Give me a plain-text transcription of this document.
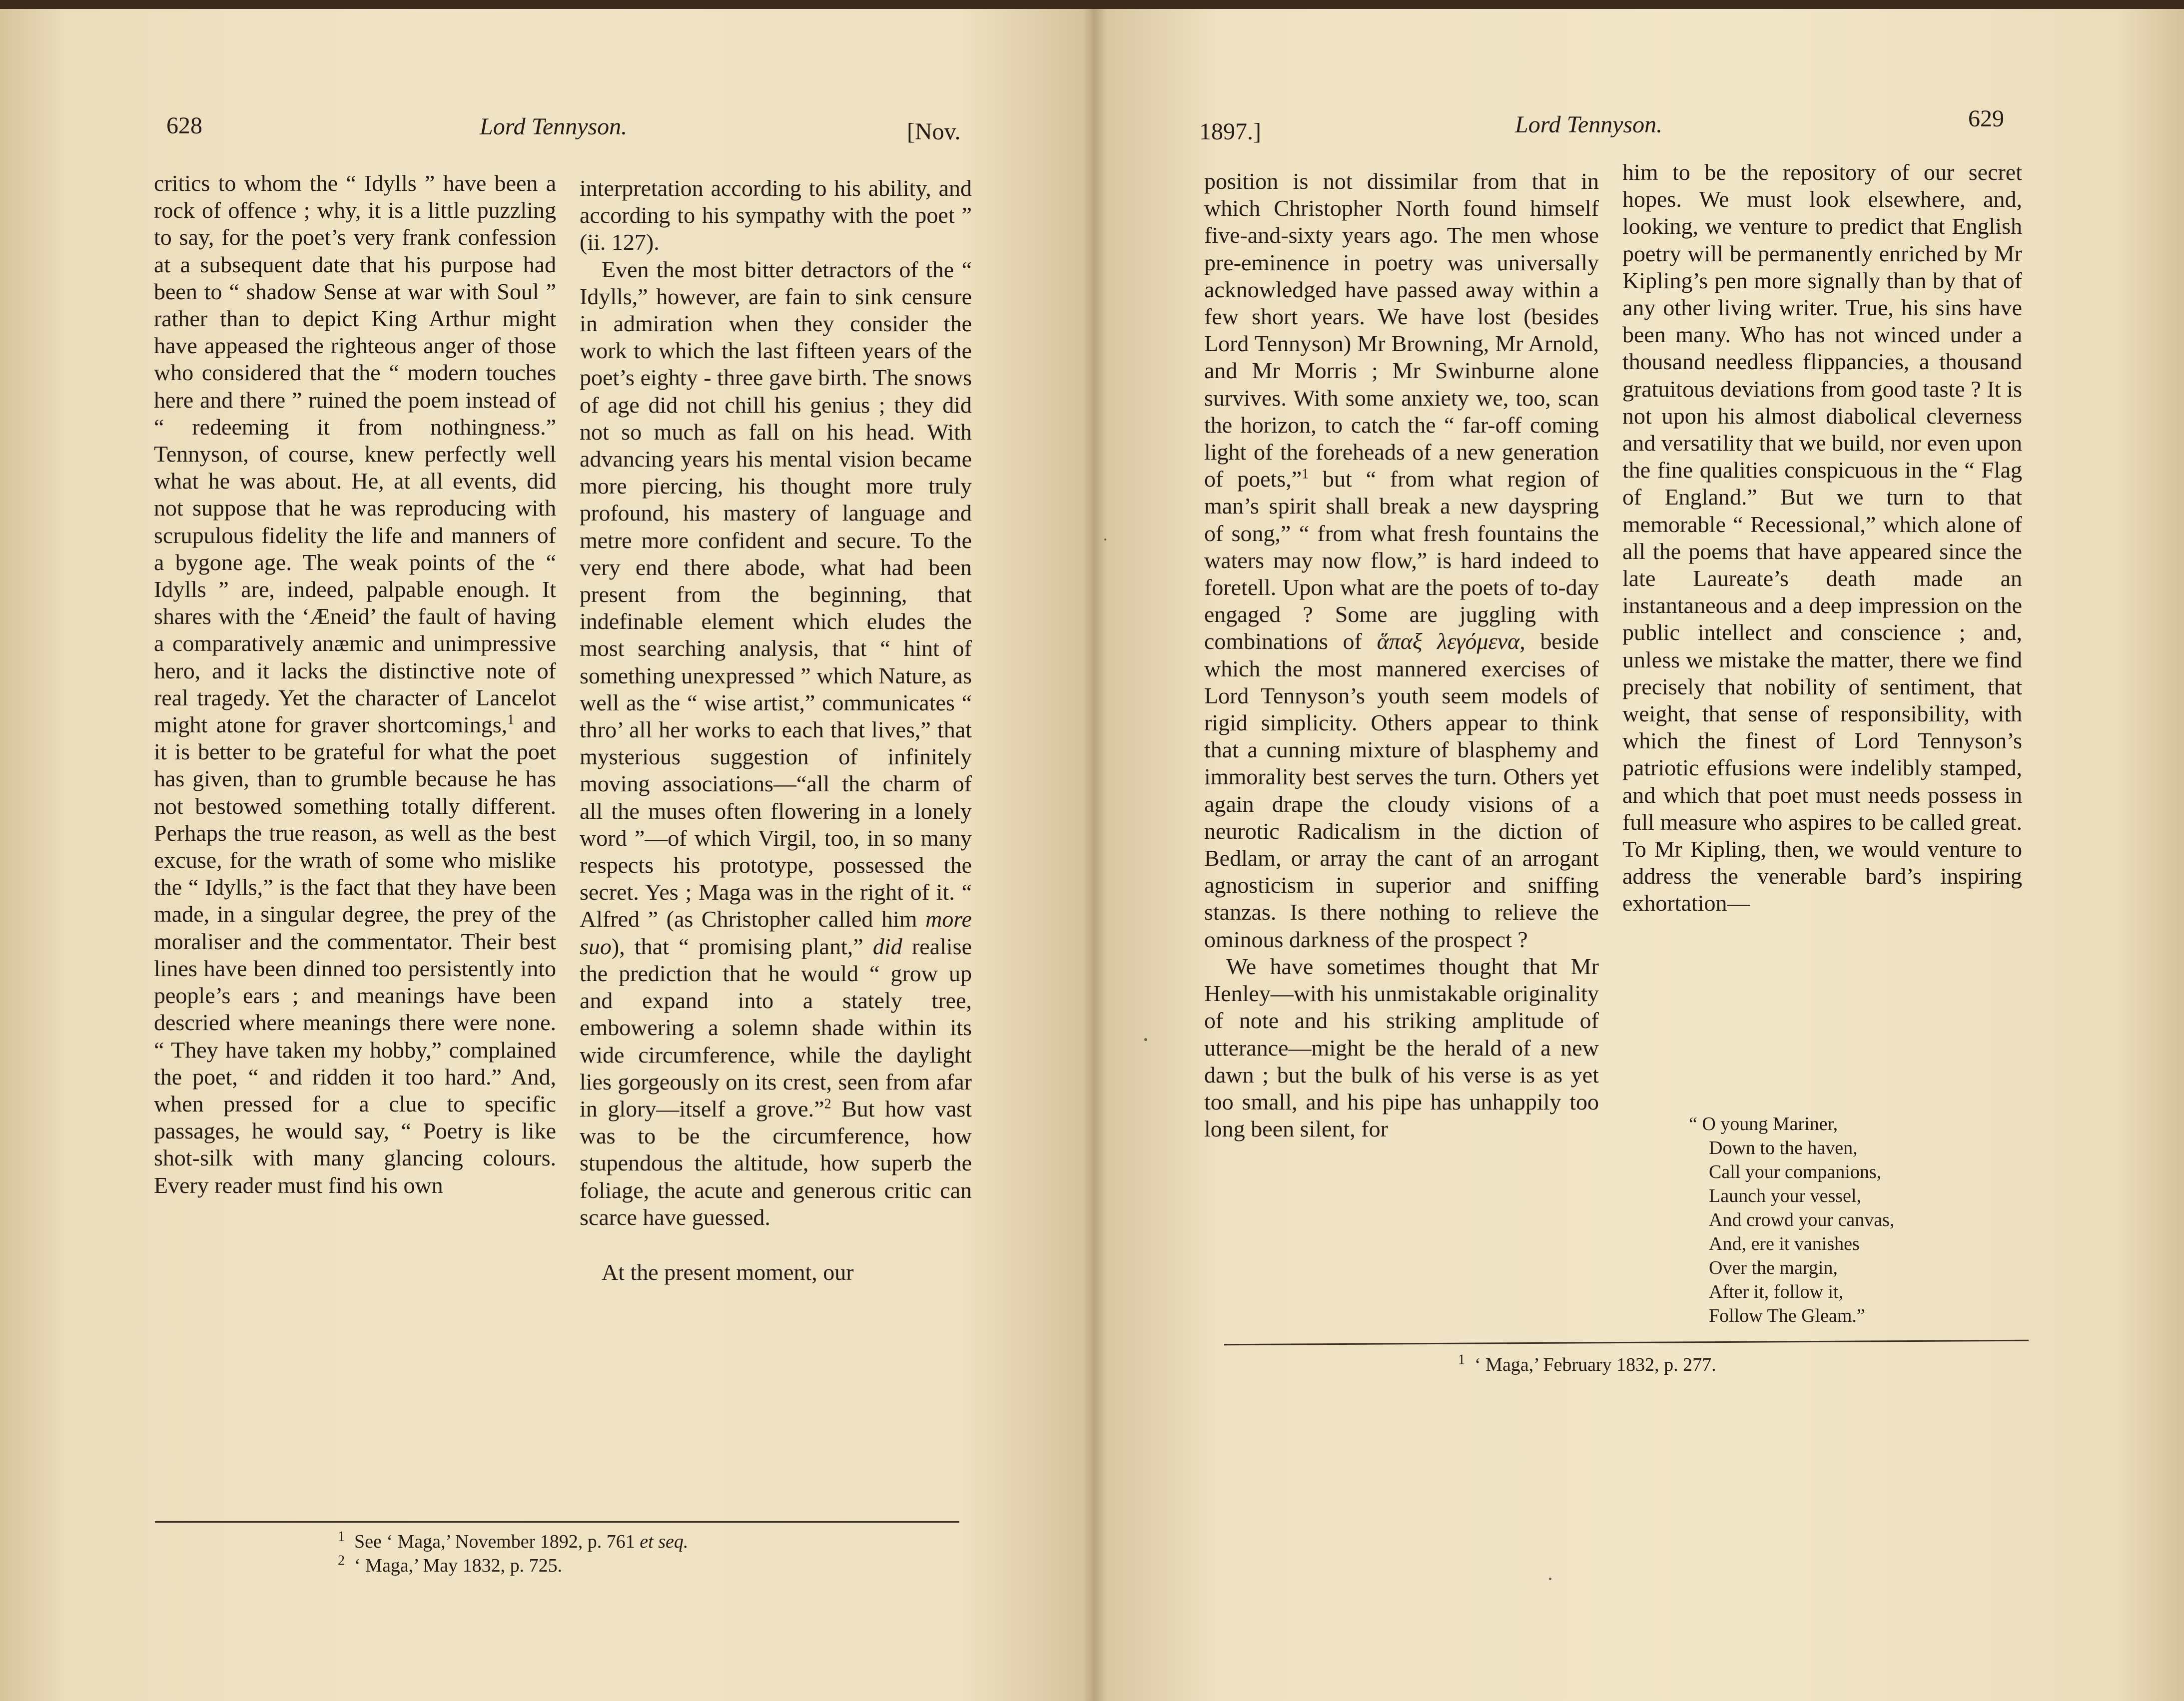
628	Lord Tennyson.	[Nov.

critics to whom the “ Idylls ” have been a rock of offence ; why, it is a little puzzling to say, for the poet’s very frank confession at a subsequent date that his purpose had been to “ shadow Sense at war with Soul ” rather than to depict King Arthur might have appeased the righteous anger of those who considered that the “ modern touches here and there ” ruined the poem instead of “ redeeming it from nothingness.” Tennyson, of course, knew perfectly well what he was about. He, at all events, did not suppose that he was reproducing with scrupulous fidelity the life and manners of a bygone age. The weak points of the “ Idylls ” are, indeed, palpable enough. It shares with the ‘Æneid’ the fault of having a comparatively anæmic and unimpressive hero, and it lacks the distinctive note of real tragedy. Yet the character of Lancelot might atone for graver shortcomings,$^1$ and it is better to be grateful for what the poet has given, than to grumble because he has not bestowed something totally different. Perhaps the true reason, as well as the best excuse, for the wrath of some who mislike the “ Idylls,” is the fact that they have been made, in a singular degree, the prey of the moraliser and the commentator. Their best lines have been dinned too persistently into people’s ears ; and meanings have been descried where meanings there were none. “ They have taken my hobby,” complained the poet, “ and ridden it too hard.” And, when pressed for a clue to specific passages, he would say, “ Poetry is like shot-silk with many glancing colours. Every reader must find his own

interpretation according to his ability, and according to his sympathy with the poet ” (ii. 127).

Even the most bitter detractors of the “ Idylls,” however, are fain to sink censure in admiration when they consider the work to which the last fifteen years of the poet’s eighty - three gave birth. The snows of age did not chill his genius ; they did not so much as fall on his head. With advancing years his mental vision became more piercing, his thought more truly profound, his mastery of language and metre more confident and secure. To the very end there abode, what had been present from the beginning, that indefinable element which eludes the most searching analysis, that “ hint of something unexpressed ” which Nature, as well as the “ wise artist,” communicates “ thro’ all her works to each that lives,” that mysterious suggestion of infinitely moving associations—“all the charm of all the muses often flowering in a lonely word ”—of which Virgil, too, in so many respects his prototype, possessed the secret. Yes ; Maga was in the right of it. “ Alfred ” (as Christopher called him more suo), that “ promising plant,” did realise the prediction that he would “ grow up and expand into a stately tree, embowering a solemn shade within its wide circumference, while the daylight lies gorgeously on its crest, seen from afar in glory—itself a grove.”$^2$ But how vast was to be the circumference, how stupendous the altitude, how superb the foliage, the acute and generous critic can scarce have guessed.

At the present moment, our

$^1$ See ‘ Maga,’ November 1892, p. 761 et seq.
$^2$ ‘ Maga,’ May 1832, p. 725.
1897.]	Lord Tennyson.	629

position is not dissimilar from that in which Christopher North found himself five-and-sixty years ago. The men whose pre-eminence in poetry was universally acknowledged have passed away within a few short years. We have lost (besides Lord Tennyson) Mr Browning, Mr Arnold, and Mr Morris ; Mr Swinburne alone survives. With some anxiety we, too, scan the horizon, to catch the “ far-off coming light of the foreheads of a new generation of poets,”$^1$ but “ from what region of man’s spirit shall break a new dayspring of song,” “ from what fresh fountains the waters may now flow,” is hard indeed to foretell. Upon what are the poets of to-day engaged ? Some are juggling with combinations of ἅπαξ λεγόμενα, beside which the most mannered exercises of Lord Tennyson’s youth seem models of rigid simplicity. Others appear to think that a cunning mixture of blasphemy and immorality best serves the turn. Others yet again drape the cloudy visions of a neurotic Radicalism in the diction of Bedlam, or array the cant of an arrogant agnosticism in superior and sniffing stanzas. Is there nothing to relieve the ominous darkness of the prospect ?

We have sometimes thought that Mr Henley—with his unmistakable originality of note and his striking amplitude of utterance—might be the herald of a new dawn ; but the bulk of his verse is as yet too small, and his pipe has unhappily too long been silent, for

him to be the repository of our secret hopes. We must look elsewhere, and, looking, we venture to predict that English poetry will be permanently enriched by Mr Kipling’s pen more signally than by that of any other living writer. True, his sins have been many. Who has not winced under a thousand needless flippancies, a thousand gratuitous deviations from good taste ? It is not upon his almost diabolical cleverness and versatility that we build, nor even upon the fine qualities conspicuous in the “ Flag of England.” But we turn to that memorable “ Recessional,” which alone of all the poems that have appeared since the late Laureate’s death made an instantaneous and a deep impression on the public intellect and conscience ; and, unless we mistake the matter, there we find precisely that nobility of sentiment, that weight, that sense of responsibility, with which the finest of Lord Tennyson’s patriotic effusions were indelibly stamped, and which that poet must needs possess in full measure who aspires to be called great. To Mr Kipling, then, we would venture to address the venerable bard’s inspiring exhortation—

“ O young Mariner,
Down to the haven,
Call your companions,
Launch your vessel,
And crowd your canvas,
And, ere it vanishes
Over the margin,
After it, follow it,
Follow The Gleam.”
$^1$ ‘ Maga,’ February 1832, p. 277.
